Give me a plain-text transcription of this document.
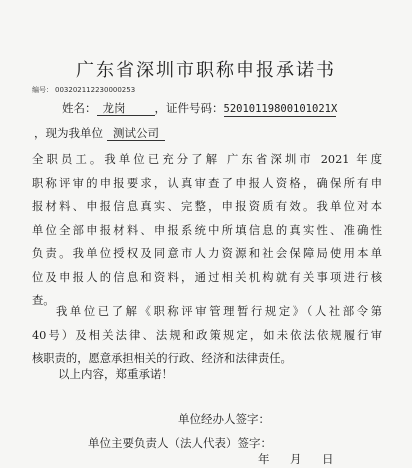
广东省深圳市职称申报承诺书
编号： 003202112230000253
姓名： 龙岗	，证件号码：52010119800101021X
，现为我单位 测试公司
全职员工。我单位已充分了解 广东省深圳市 2021 年度
职称评审的申报要求，认真审查了申报人资格，确保所有申
报材料、申报信息真实、完整，申报资质有效。我单位对本
单位全部申报材料、申报系统中所填信息的真实性、准确性
负责。我单位授权及同意市人力资源和社会保障局使用本单
位及申报人的信息和资料，通过相关机构就有关事项进行核
查。
我单位已了解《职称评审管理暂行规定》（人社部令第
40号）及相关法律、法规和政策规定，如未依法依规履行审
核职责的，愿意承担相关的行政、经济和法律责任。
以上内容，郑重承诺！
单位经办人签字：
单位主要负责人（法人代表）签字：
年 月 日
